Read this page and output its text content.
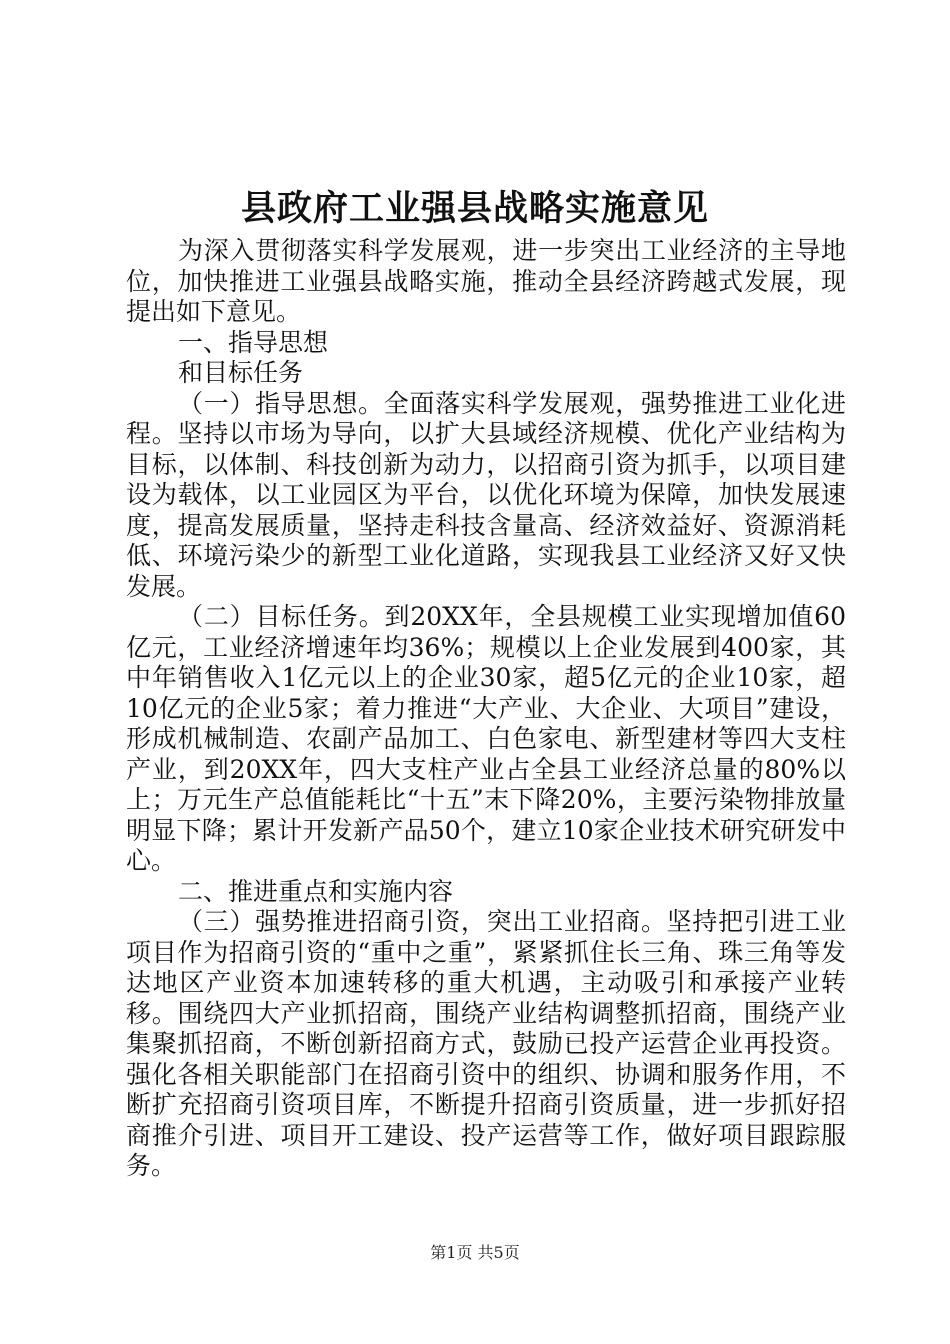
县政府工业强县战略实施意见

为深入贯彻落实科学发展观，进一步突出工业经济的主导地位，加快推进工业强县战略实施，推动全县经济跨越式发展，现提出如下意见。

一、指导思想

和目标任务

（一）指导思想。全面落实科学发展观，强势推进工业化进程。坚持以市场为导向，以扩大县域经济规模、优化产业结构为目标，以体制、科技创新为动力，以招商引资为抓手，以项目建设为载体，以工业园区为平台，以优化环境为保障，加快发展速度，提高发展质量，坚持走科技含量高、经济效益好、资源消耗低、环境污染少的新型工业化道路，实现我县工业经济又好又快发展。

（二）目标任务。到20XX年，全县规模工业实现增加值60亿元，工业经济增速年均36%；规模以上企业发展到400家，其中年销售收入1亿元以上的企业30家，超5亿元的企业10家，超10亿元的企业5家；着力推进“大产业、大企业、大项目”建设，形成机械制造、农副产品加工、白色家电、新型建材等四大支柱产业，到20XX年，四大支柱产业占全县工业经济总量的80%以上；万元生产总值能耗比“十五”末下降20%，主要污染物排放量明显下降；累计开发新产品50个，建立10家企业技术研究研发中心。

二、推进重点和实施内容

（三）强势推进招商引资，突出工业招商。坚持把引进工业项目作为招商引资的“重中之重”，紧紧抓住长三角、珠三角等发达地区产业资本加速转移的重大机遇，主动吸引和承接产业转移。围绕四大产业抓招商，围绕产业结构调整抓招商，围绕产业集聚抓招商，不断创新招商方式，鼓励已投产运营企业再投资。强化各相关职能部门在招商引资中的组织、协调和服务作用，不断扩充招商引资项目库，不断提升招商引资质量，进一步抓好招商推介引进、项目开工建设、投产运营等工作，做好项目跟踪服务。

第1页 共5页
